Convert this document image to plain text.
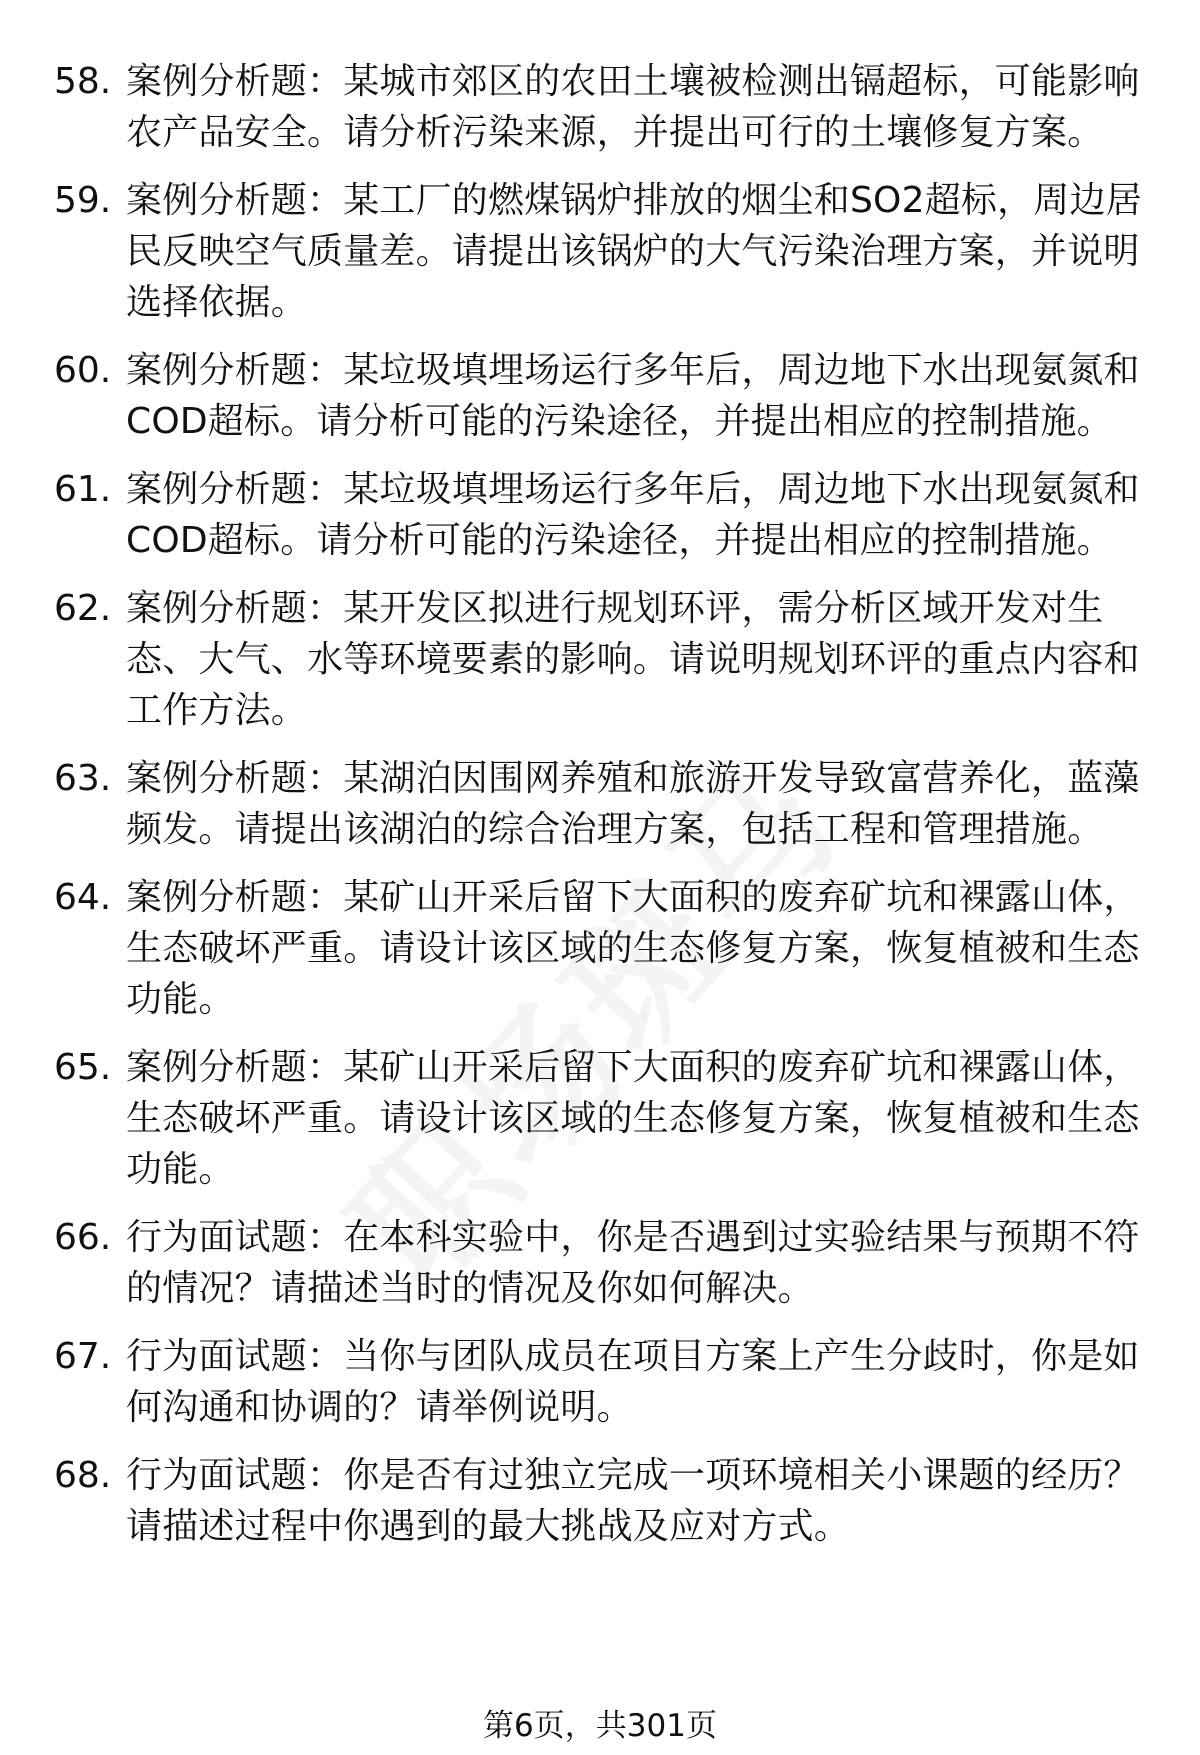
58. 案例分析题：某城市郊区的农田土壤被检测出镉超标，可能影响农产品安全。请分析污染来源，并提出可行的土壤修复方案。
59. 案例分析题：某工厂的燃煤锅炉排放的烟尘和SO2超标，周边居民反映空气质量差。请提出该锅炉的大气污染治理方案，并说明选择依据。
60. 案例分析题：某垃圾填埋场运行多年后，周边地下水出现氨氮和COD超标。请分析可能的污染途径，并提出相应的控制措施。
61. 案例分析题：某垃圾填埋场运行多年后，周边地下水出现氨氮和COD超标。请分析可能的污染途径，并提出相应的控制措施。
62. 案例分析题：某开发区拟进行规划环评，需分析区域开发对生态、大气、水等环境要素的影响。请说明规划环评的重点内容和工作方法。
63. 案例分析题：某湖泊因围网养殖和旅游开发导致富营养化，蓝藻频发。请提出该湖泊的综合治理方案，包括工程和管理措施。
64. 案例分析题：某矿山开采后留下大面积的废弃矿坑和裸露山体，生态破坏严重。请设计该区域的生态修复方案，恢复植被和生态功能。
65. 案例分析题：某矿山开采后留下大面积的废弃矿坑和裸露山体，生态破坏严重。请设计该区域的生态修复方案，恢复植被和生态功能。
66. 行为面试题：在本科实验中，你是否遇到过实验结果与预期不符的情况？请描述当时的情况及你如何解决。
67. 行为面试题：当你与团队成员在项目方案上产生分歧时，你是如何沟通和协调的？请举例说明。
68. 行为面试题：你是否有过独立完成一项环境相关小课题的经历？请描述过程中你遇到的最大挑战及应对方式。
第6页，共301页
